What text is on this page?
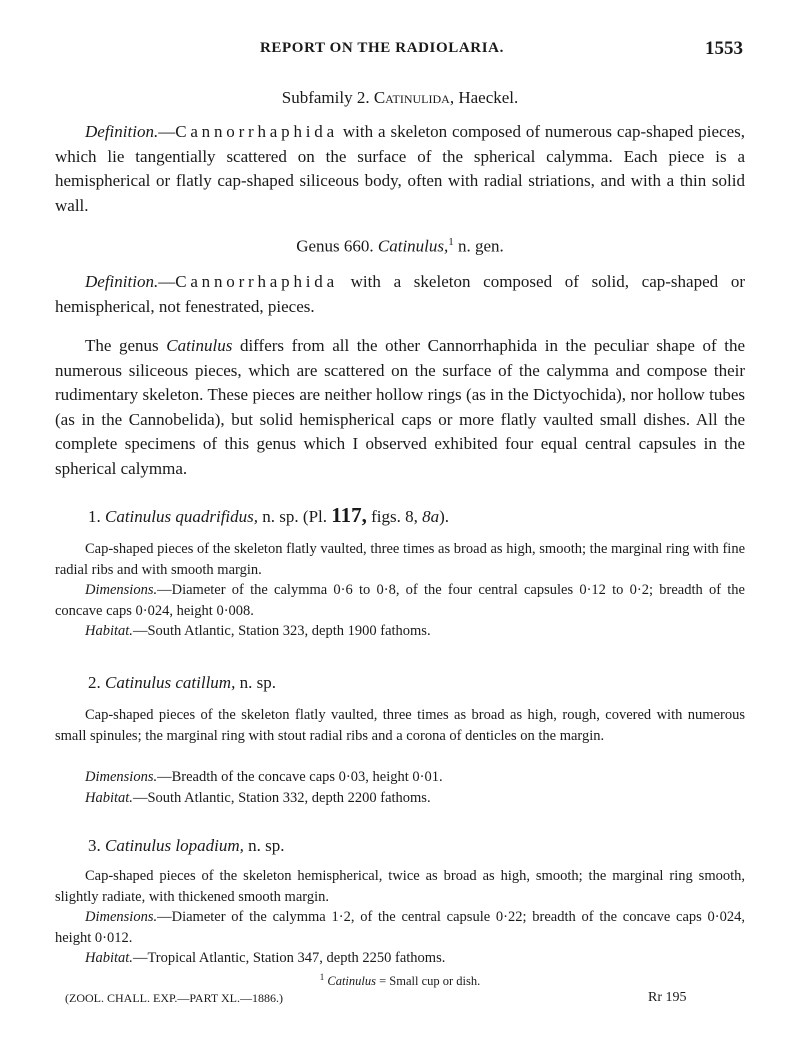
REPORT ON THE RADIOLARIA.	1553
Subfamily 2. Catinulida, Haeckel.
Definition.—Cannorrhaphida with a skeleton composed of numerous cap-shaped pieces, which lie tangentially scattered on the surface of the spherical calymma. Each piece is a hemispherical or flatly cap-shaped siliceous body, often with radial striations, and with a thin solid wall.
Genus 660. Catinulus,$^1$ n. gen.
Definition.—Cannorrhaphida with a skeleton composed of solid, cap-shaped or hemispherical, not fenestrated, pieces.
The genus Catinulus differs from all the other Cannorrhaphida in the peculiar shape of the numerous siliceous pieces, which are scattered on the surface of the calymma and compose their rudimentary skeleton. These pieces are neither hollow rings (as in the Dictyochida), nor hollow tubes (as in the Cannobelida), but solid hemispherical caps or more flatly vaulted small dishes. All the complete specimens of this genus which I observed exhibited four equal central capsules in the spherical calymma.
1. Catinulus quadrifidus, n. sp. (Pl. 117, figs. 8, 8a).
Cap-shaped pieces of the skeleton flatly vaulted, three times as broad as high, smooth; the marginal ring with fine radial ribs and with smooth margin.
Dimensions.—Diameter of the calymma 0·6 to 0·8, of the four central capsules 0·12 to 0·2; breadth of the concave caps 0·024, height 0·008.
Habitat.—South Atlantic, Station 323, depth 1900 fathoms.
2. Catinulus catillum, n. sp.
Cap-shaped pieces of the skeleton flatly vaulted, three times as broad as high, rough, covered with numerous small spinules; the marginal ring with stout radial ribs and a corona of denticles on the margin.
Dimensions.—Breadth of the concave caps 0·03, height 0·01.
Habitat.—South Atlantic, Station 332, depth 2200 fathoms.
3. Catinulus lopadium, n. sp.
Cap-shaped pieces of the skeleton hemispherical, twice as broad as high, smooth; the marginal ring smooth, slightly radiate, with thickened smooth margin.
Dimensions.—Diameter of the calymma 1·2, of the central capsule 0·22; breadth of the concave caps 0·024, height 0·012.
Habitat.—Tropical Atlantic, Station 347, depth 2250 fathoms.
$^1$ Catinulus = Small cup or dish.
(ZOOL. CHALL. EXP.—PART XL.—1886.)	Rr 195
